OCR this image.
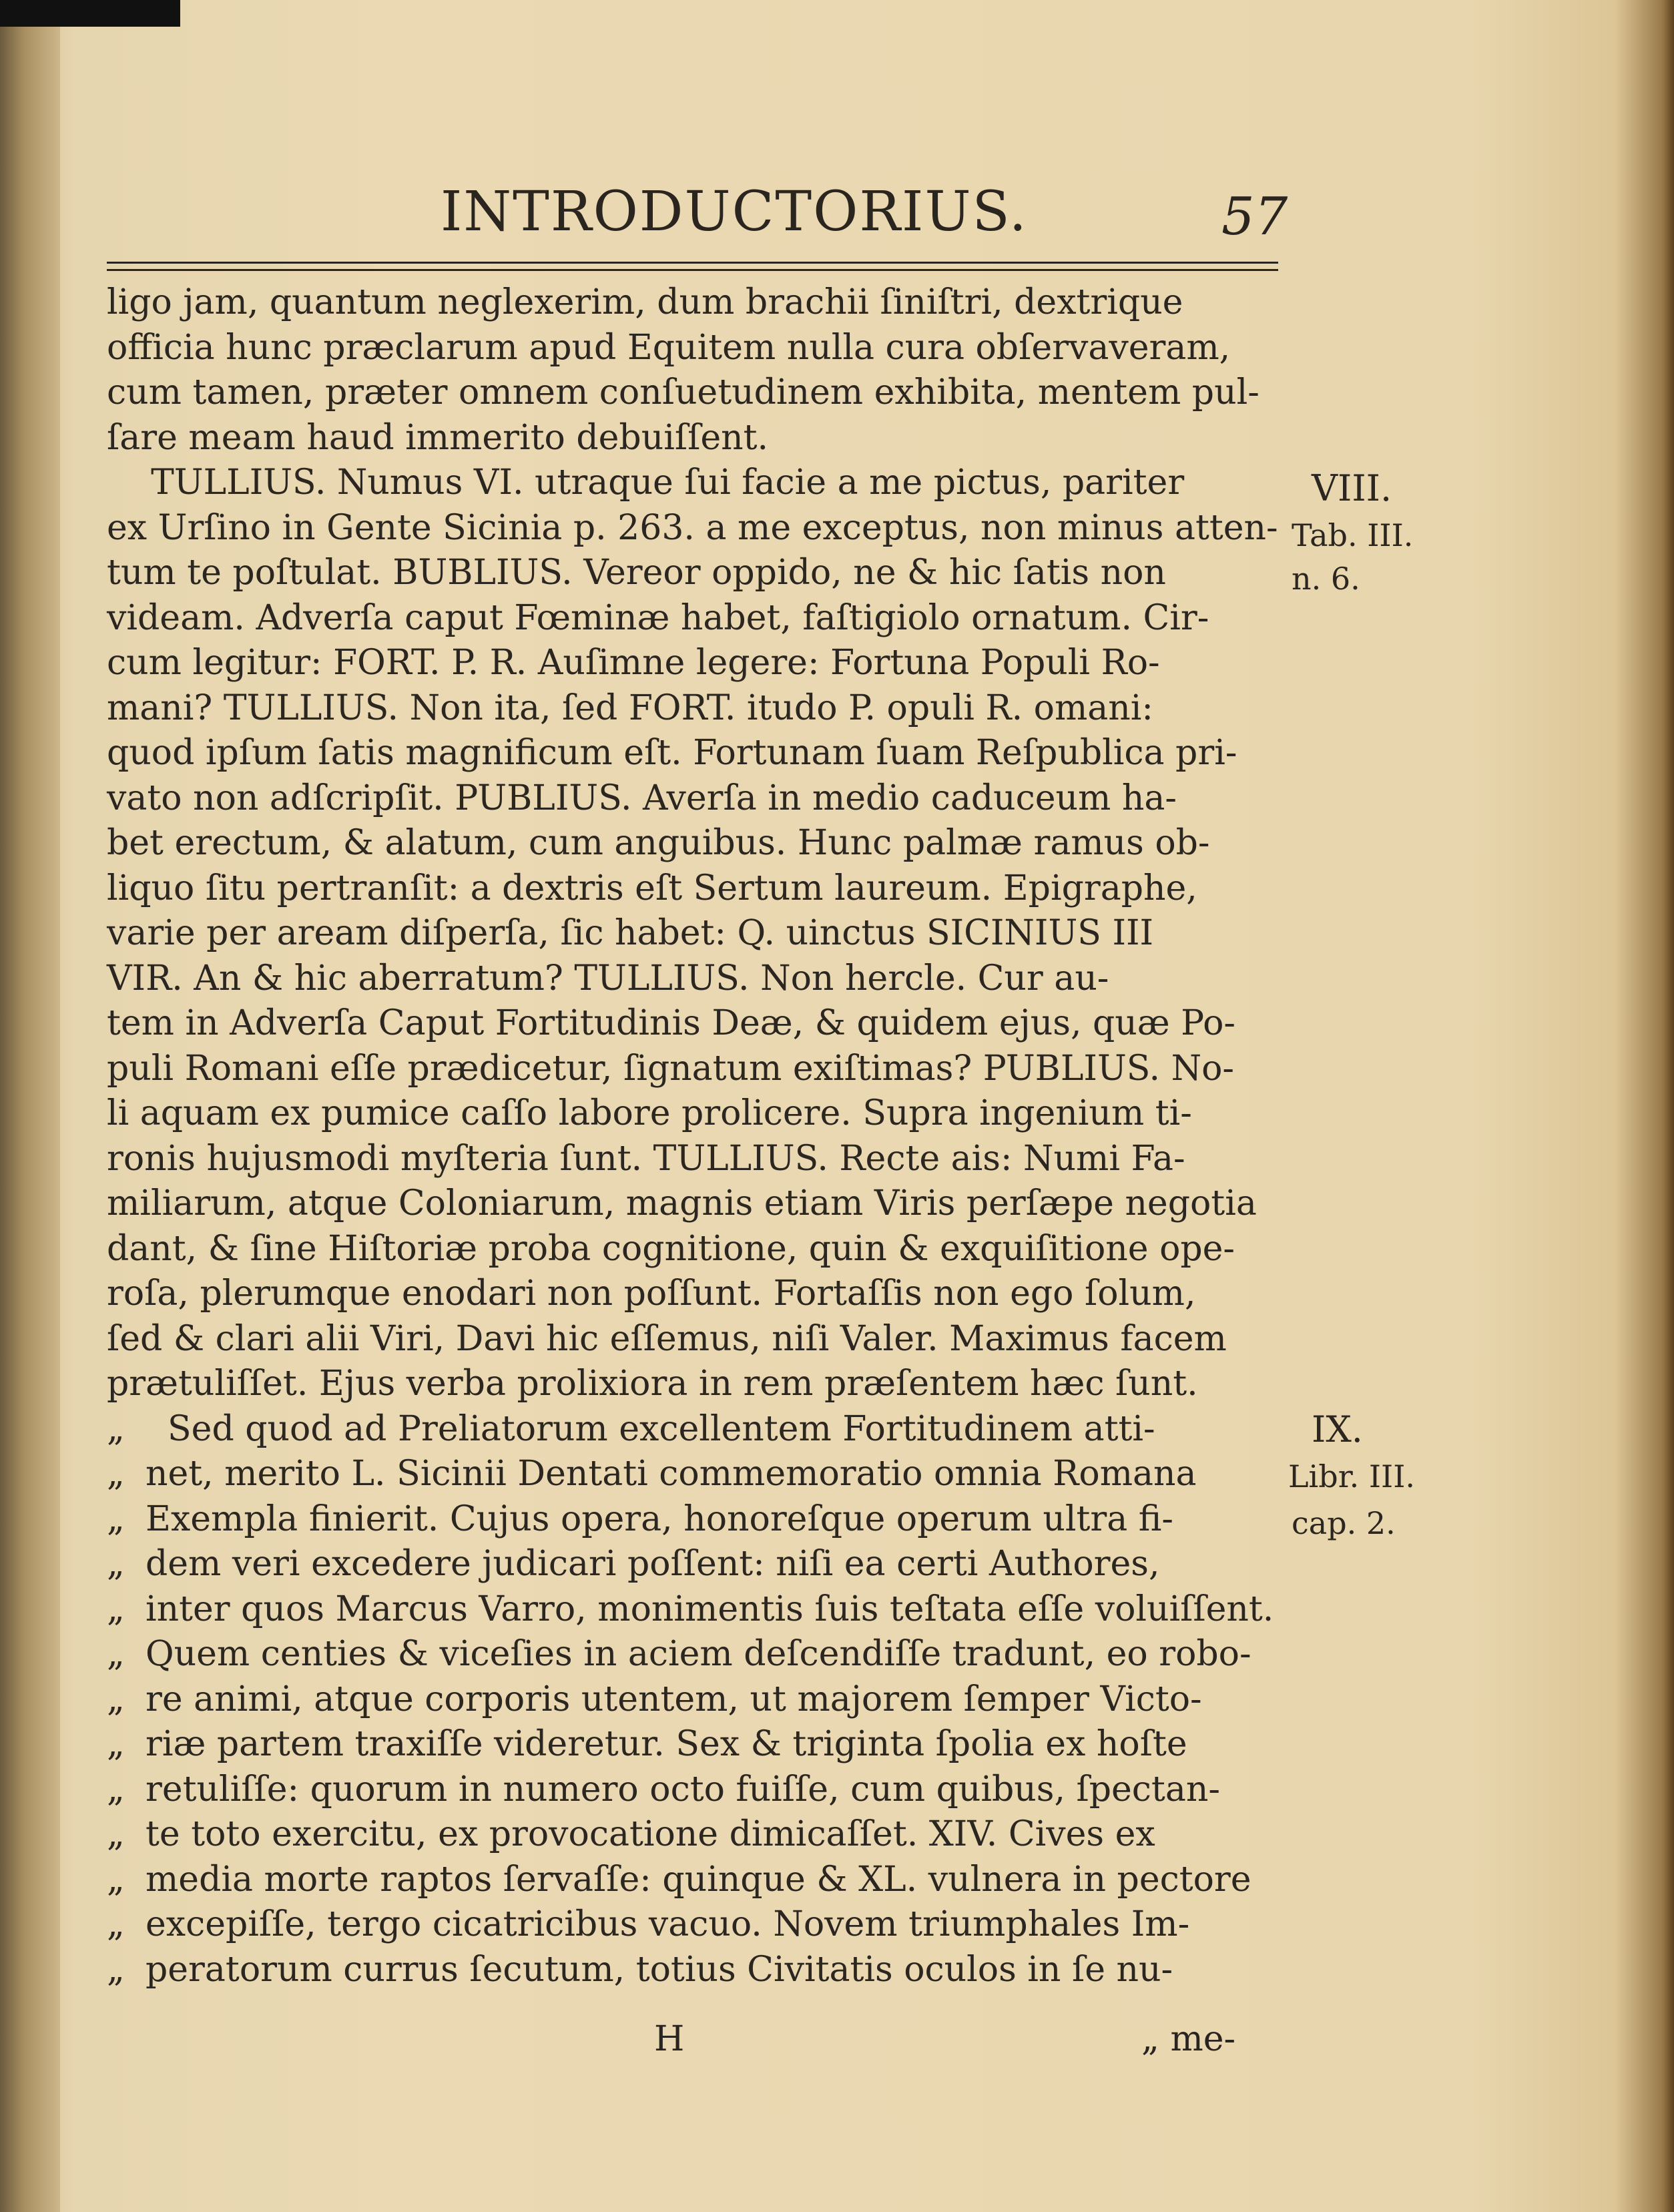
INTRODUCTORIUS.	57
ligo jam, quantum neglexerim, dum brachii ſiniſtri, dextrique
officia hunc præclarum apud Equitem nulla cura obſervaveram,
cum tamen, præter omnem conſuetudinem exhibita, mentem pul-
ſare meam haud immerito debuiſſent.
TULLIUS. Numus VI. utraque ſui facie a me pictus, pariter
ex Urſino in Gente Sicinia p. 263. a me exceptus, non minus atten-
tum te poſtulat. BUBLIUS. Vereor oppido, ne & hic ſatis non
videam. Adverſa caput Fœminæ habet, faſtigiolo ornatum. Cir-
cum legitur: FORT. P. R. Auſimne legere: Fortuna Populi Ro-
mani? TULLIUS. Non ita, ſed FORT. itudo P. opuli R. omani:
quod ipſum ſatis magnificum eſt. Fortunam ſuam Reſpublica pri-
vato non adſcripſit. PUBLIUS. Averſa in medio caduceum ha-
bet erectum, & alatum, cum anguibus. Hunc palmæ ramus ob-
liquo ſitu pertranſit: a dextris eſt Sertum laureum. Epigraphe,
varie per aream diſperſa, ſic habet: Q. uinctus SICINIUS III
VIR. An & hic aberratum? TULLIUS. Non hercle. Cur au-
tem in Adverſa Caput Fortitudinis Deæ, & quidem ejus, quæ Po-
puli Romani eſſe prædicetur, ſignatum exiſtimas? PUBLIUS. No-
li aquam ex pumice caſſo labore prolicere. Supra ingenium ti-
ronis hujusmodi myſteria ſunt. TULLIUS. Recte ais: Numi Fa-
miliarum, atque Coloniarum, magnis etiam Viris perſæpe negotia
dant, & ſine Hiſtoriæ proba cognitione, quin & exquiſitione ope-
roſa, plerumque enodari non poſſunt. Fortaſſis non ego ſolum,
ſed & clari alii Viri, Davi hic eſſemus, niſi Valer. Maximus facem
prætuliſſet. Ejus verba prolixiora in rem præſentem hæc ſunt.
„  Sed quod ad Preliatorum excellentem Fortitudinem atti-
„ net, merito L. Sicinii Dentati commemoratio omnia Romana
„ Exempla finierit. Cujus opera, honoreſque operum ultra fi-
„ dem veri excedere judicari poſſent: niſi ea certi Authores,
„ inter quos Marcus Varro, monimentis ſuis teſtata eſſe voluiſſent.
„ Quem centies & viceſies in aciem deſcendiſſe tradunt, eo robo-
„ re animi, atque corporis utentem, ut majorem ſemper Victo-
„ riæ partem traxiſſe videretur. Sex & triginta ſpolia ex hoſte
„ retuliſſe: quorum in numero octo fuiſſe, cum quibus, ſpectan-
„ te toto exercitu, ex provocatione dimicaſſet. XIV. Cives ex
„ media morte raptos ſervaſſe: quinque & XL. vulnera in pectore
„ excepiſſe, tergo cicatricibus vacuo. Novem triumphales Im-
„ peratorum currus ſecutum, totius Civitatis oculos in ſe nu-
VIII.
Tab. III.
n. 6.
IX.
Libr. III.
cap. 2.
H	„ me-
